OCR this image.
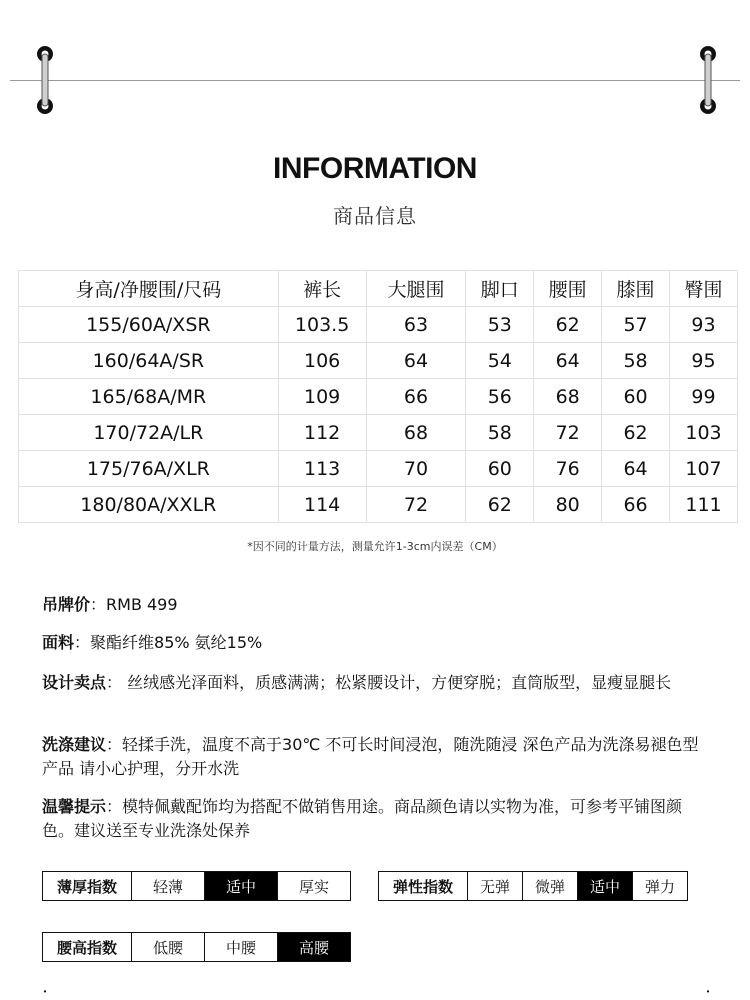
INFORMATION
商品信息
身高/净腰围/尺码	裤长	大腿围	脚口	腰围	膝围	臀围
155/60A/XSR	103.5	63	53	62	57	93
160/64A/SR	106	64	54	64	58	95
165/68A/MR	109	66	56	68	60	99
170/72A/LR	112	68	58	72	62	103
175/76A/XLR	113	70	60	76	64	107
180/80A/XXLR	114	72	62	80	66	111
*因不同的计量方法，测量允许1-3cm内误差（CM）
吊牌价：RMB 499
面料：聚酯纤维85% 氨纶15%
设计卖点： 丝绒感光泽面料，质感满满；松紧腰设计，方便穿脱；直筒版型，显瘦显腿长
洗涤建议：轻揉手洗，温度不高于30℃ 不可长时间浸泡，随洗随浸 深色产品为洗涤易褪色型产品 请小心护理，分开水洗
温馨提示：模特佩戴配饰均为搭配不做销售用途。商品颜色请以实物为准，可参考平铺图颜色。建议送至专业洗涤处保养
薄厚指数	轻薄	适中	厚实	弹性指数	无弹	微弹	适中	弹力
腰高指数	低腰	中腰	高腰
